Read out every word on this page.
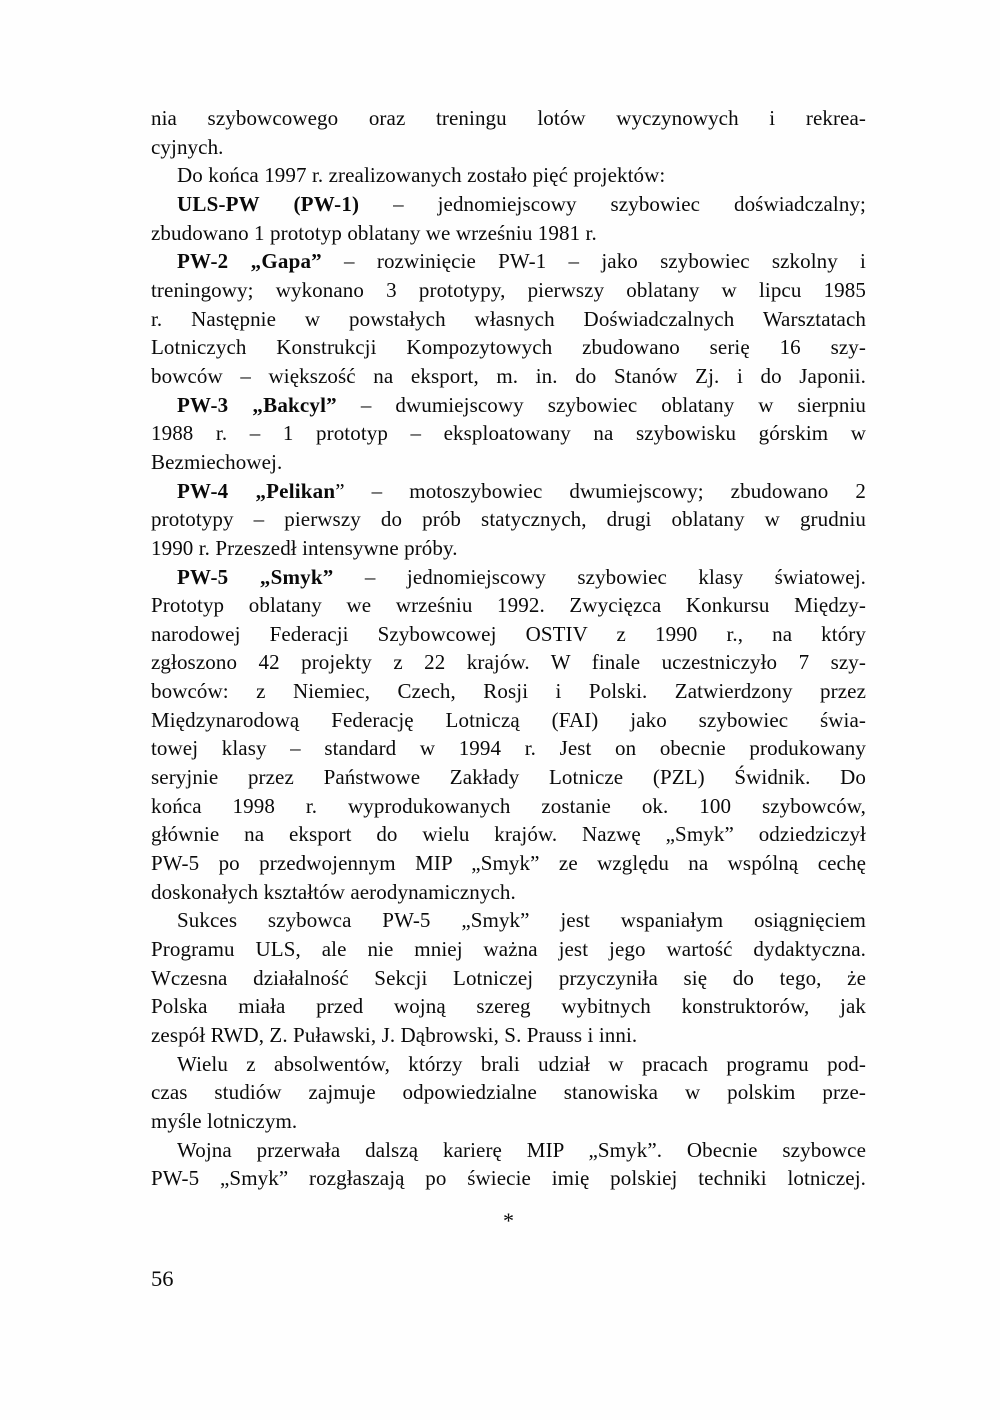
nia szybowcowego oraz treningu lotów wyczynowych i rekrea-
cyjnych.
Do końca 1997 r. zrealizowanych zostało pięć projektów:
ULS-PW (PW-1) – jednomiejscowy szybowiec doświadczalny;
zbudowano 1 prototyp oblatany we wrześniu 1981 r.
PW-2 „Gapa” – rozwinięcie PW-1 – jako szybowiec szkolny i
treningowy; wykonano 3 prototypy, pierwszy oblatany w lipcu 1985
r. Następnie w powstałych własnych Doświadczalnych Warsztatach
Lotniczych Konstrukcji Kompozytowych zbudowano serię 16 szy-
bowców – większość na eksport, m. in. do Stanów Zj. i do Japonii.
PW-3 „Bakcyl” – dwumiejscowy szybowiec oblatany w sierpniu
1988 r. – 1 prototyp – eksploatowany na szybowisku górskim w
Bezmiechowej.
PW-4 „Pelikan” – motoszybowiec dwumiejscowy; zbudowano 2
prototypy – pierwszy do prób statycznych, drugi oblatany w grudniu
1990 r. Przeszedł intensywne próby.
PW-5 „Smyk” – jednomiejscowy szybowiec klasy światowej.
Prototyp oblatany we wrześniu 1992. Zwycięzca Konkursu Między-
narodowej Federacji Szybowcowej OSTIV z 1990 r., na który
zgłoszono 42 projekty z 22 krajów. W finale uczestniczyło 7 szy-
bowców: z Niemiec, Czech, Rosji i Polski. Zatwierdzony przez
Międzynarodową Federację Lotniczą (FAI) jako szybowiec świa-
towej klasy – standard w 1994 r. Jest on obecnie produkowany
seryjnie przez Państwowe Zakłady Lotnicze (PZL) Świdnik. Do
końca 1998 r. wyprodukowanych zostanie ok. 100 szybowców,
głównie na eksport do wielu krajów. Nazwę „Smyk” odziedziczył
PW-5 po przedwojennym MIP „Smyk” ze względu na wspólną cechę
doskonałych kształtów aerodynamicznych.
Sukces szybowca PW-5 „Smyk” jest wspaniałym osiągnięciem
Programu ULS, ale nie mniej ważna jest jego wartość dydaktyczna.
Wczesna działalność Sekcji Lotniczej przyczyniła się do tego, że
Polska miała przed wojną szereg wybitnych konstruktorów, jak
zespół RWD, Z. Puławski, J. Dąbrowski, S. Prauss i inni.
Wielu z absolwentów, którzy brali udział w pracach programu pod-
czas studiów zajmuje odpowiedzialne stanowiska w polskim prze-
myśle lotniczym.
Wojna przerwała dalszą karierę MIP „Smyk”. Obecnie szybowce
PW-5 „Smyk” rozgłaszają po świecie imię polskiej techniki lotniczej.
*
56
